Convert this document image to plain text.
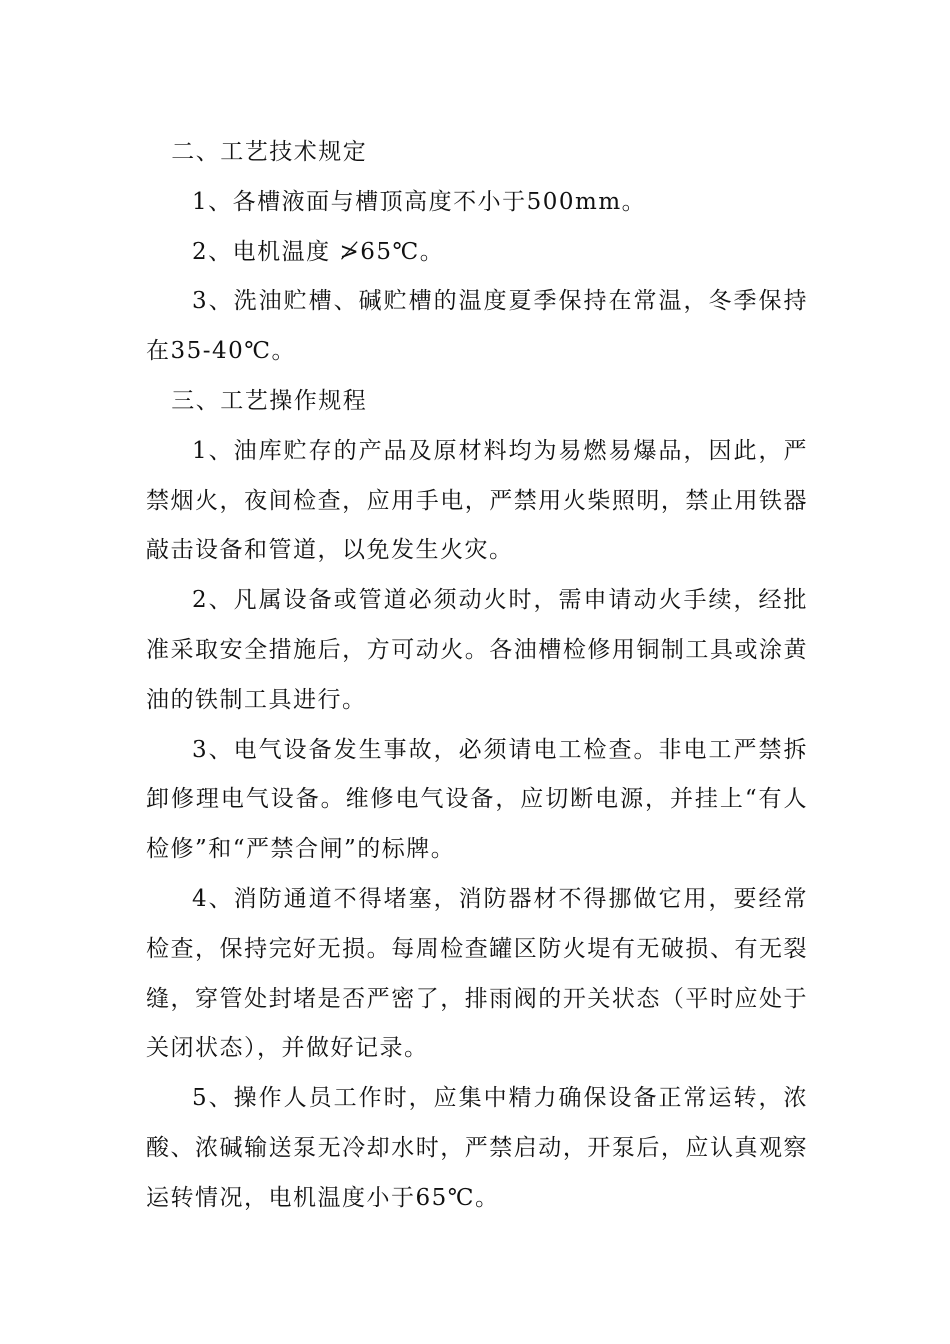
二、工艺技术规定

1、各槽液面与槽顶高度不小于500mm。

2、电机温度 ≯65℃。

3、洗油贮槽、碱贮槽的温度夏季保持在常温，冬季保持在35-40℃。

三、工艺操作规程

1、油库贮存的产品及原材料均为易燃易爆品，因此，严禁烟火，夜间检查，应用手电，严禁用火柴照明，禁止用铁器敲击设备和管道，以免发生火灾。

2、凡属设备或管道必须动火时，需申请动火手续，经批准采取安全措施后，方可动火。各油槽检修用铜制工具或涂黄油的铁制工具进行。

3、电气设备发生事故，必须请电工检查。非电工严禁拆卸修理电气设备。维修电气设备，应切断电源，并挂上“有人检修”和“严禁合闸”的标牌。

4、消防通道不得堵塞，消防器材不得挪做它用，要经常检查，保持完好无损。每周检查罐区防火堤有无破损、有无裂缝，穿管处封堵是否严密了，排雨阀的开关状态（平时应处于关闭状态），并做好记录。

5、操作人员工作时，应集中精力确保设备正常运转，浓酸、浓碱输送泵无冷却水时，严禁启动，开泵后，应认真观察运转情况，电机温度小于65℃。
